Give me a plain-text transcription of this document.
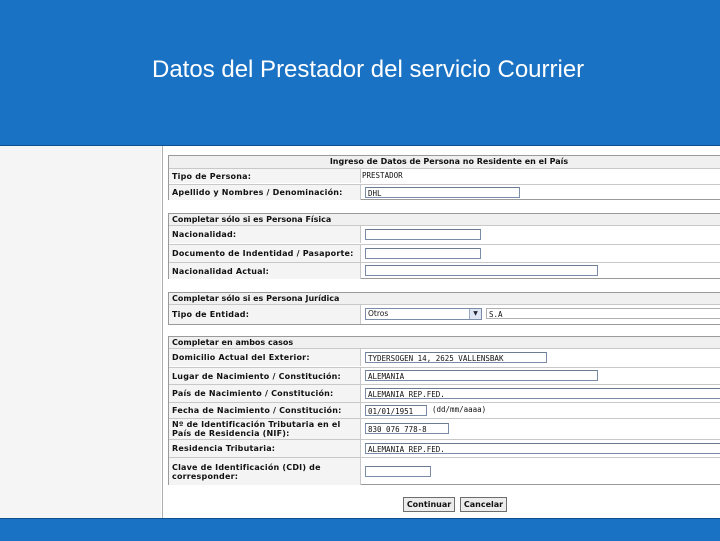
Datos del Prestador del servicio Courrier
Ingreso de Datos de Persona no Residente en el País
Tipo de Persona:	PRESTADOR
Apellido y Nombres / Denominación:	DHL
Completar sólo si es Persona Física
Nacionalidad:
Documento de Indentidad / Pasaporte:
Nacionalidad Actual:
Completar sólo si es Persona Jurídica
Tipo de Entidad:	Otros	▼	S.A
Completar en ambos casos
Domicilio Actual del Exterior:	TYDERSOGEN 14, 2625 VALLENSBAK
Lugar de Nacimiento / Constitución:	ALEMANIA
País de Nacimiento / Constitución:	ALEMANIA REP.FED.
Fecha de Nacimiento / Constitución:	01/01/1951	(dd/mm/aaaa)
Nº de Identificación Tributaria en el País de Residencia (NIF):	830 076 778-8
Residencia Tributaria:	ALEMANIA REP.FED.
Clave de Identificación (CDI) de corresponder:
Continuar	Cancelar
